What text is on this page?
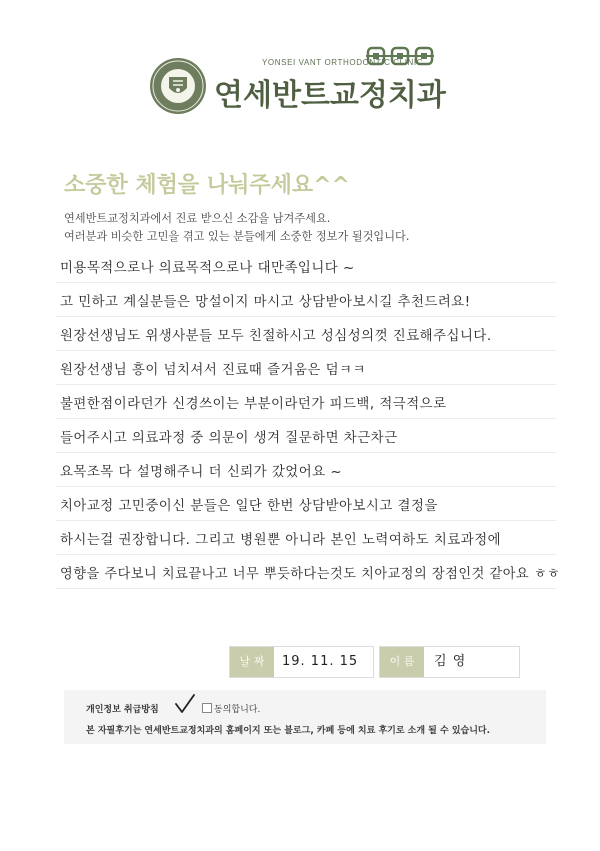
YONSEI VANT ORTHODONTIC CLINIC
연세반트교정치과
소중한 체험을 나눠주세요^^
연세반트교정치과에서 진료 받으신 소감을 남겨주세요.
여러분과 비슷한 고민을 겪고 있는 분들에게 소중한 정보가 될것입니다.
미용목적으로나 의료목적으로나 대만족입니다 ~
고 민하고 계실분들은 망설이지 마시고 상담받아보시길 추천드려요!
원장선생님도 위생사분들 모두 친절하시고 성심성의껏 진료해주십니다.
원장선생님 흥이 넘치셔서 진료때 즐거움은 덤ㅋㅋ
불편한점이라던가 신경쓰이는 부분이라던가 피드백, 적극적으로
들어주시고 의료과정 중 의문이 생겨 질문하면 차근차근
요목조목 다 설명해주니 더 신뢰가 갔었어요 ~
치아교정 고민중이신 분들은 일단 한번 상담받아보시고 결정을
하시는걸 권장합니다. 그리고 병원뿐 아니라 본인 노력여하도 치료과정에
영향을 주다보니 치료끝나고 너무 뿌듯하다는것도 치아교정의 장점인것 같아요 ㅎㅎ
날 짜	19. 11. 15	이 름	김 영
개인정보 취급방침	동의합니다.
본 자필후기는 연세반트교정치과의 홈페이지 또는 블로그, 카페 등에 치료 후기로 소개 될 수 있습니다.
